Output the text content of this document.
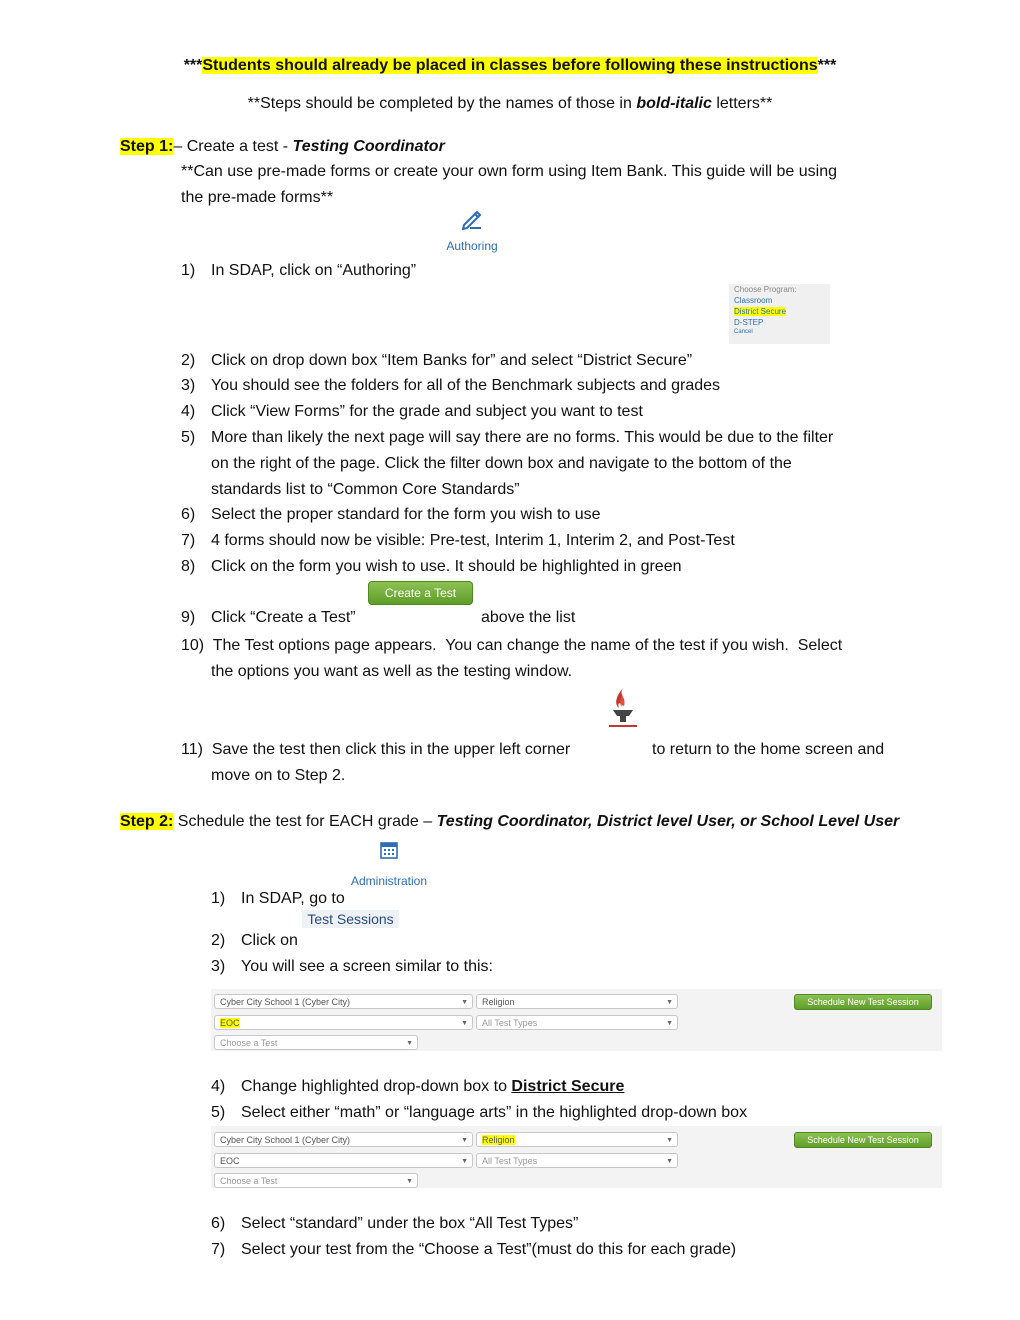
***Students should already be placed in classes before following these instructions***
**Steps should be completed by the names of those in bold-italic letters**
Step 1:– Create a test - Testing Coordinator
**Can use pre-made forms or create your own form using Item Bank. This guide will be using
the pre-made forms**
Authoring
1) In SDAP, click on “Authoring”
Choose Program:
Classroom
District Secure
D-STEP
Cancel
2) Click on drop down box “Item Banks for” and select “District Secure”
3) You should see the folders for all of the Benchmark subjects and grades
4) Click “View Forms” for the grade and subject you want to test
5) More than likely the next page will say there are no forms. This would be due to the filter
on the right of the page. Click the filter down box and navigate to the bottom of the
standards list to “Common Core Standards”
6) Select the proper standard for the form you wish to use
7) 4 forms should now be visible: Pre-test, Interim 1, Interim 2, and Post-Test
8) Click on the form you wish to use. It should be highlighted in green
Create a Test
9) Click “Create a Test”	above the list
10)  The Test options page appears.  You can change the name of the test if you wish.  Select
the options you want as well as the testing window.
11)  Save the test then click this in the upper left corner	to return to the home screen and
move on to Step 2.
Step 2: Schedule the test for EACH grade – Testing Coordinator, District level User, or School Level User
Administration
1) In SDAP, go to
Test Sessions
2) Click on
3) You will see a screen similar to this:
Cyber City School 1 (Cyber City)	▼	Religion	▼	Schedule New Test Session
EOC	▼	All Test Types	▼
Choose a Test	▼
4) Change highlighted drop-down box to District Secure
5) Select either “math” or “language arts” in the highlighted drop-down box
Cyber City School 1 (Cyber City)	▼	Religion	▼	Schedule New Test Session
EOC	▼	All Test Types	▼
Choose a Test	▼
6) Select “standard” under the box “All Test Types”
7) Select your test from the “Choose a Test”(must do this for each grade)
